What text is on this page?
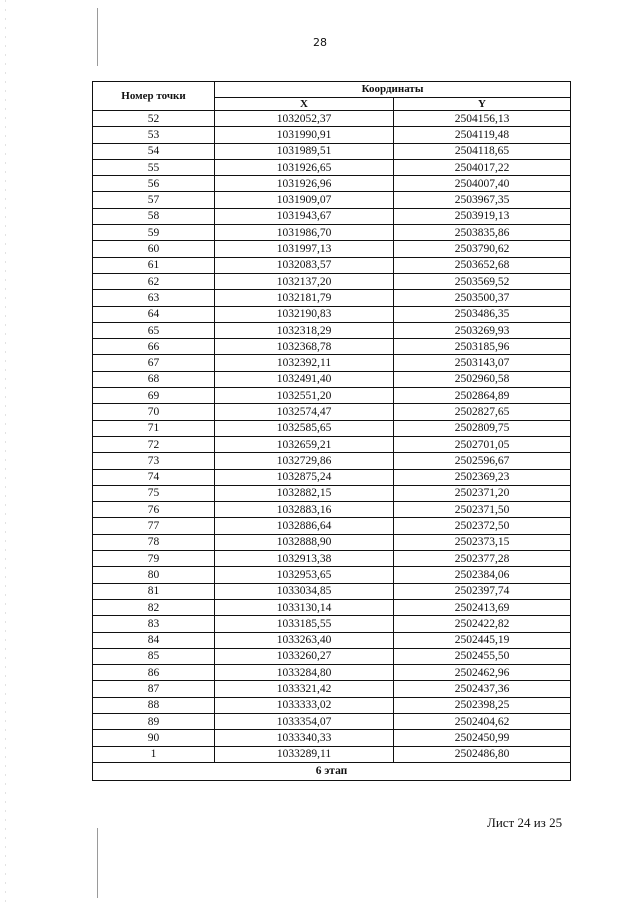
28
Номер точки	Координаты	
	X	Y
52	1032052,37	2504156,13
53	1031990,91	2504119,48
54	1031989,51	2504118,65
55	1031926,65	2504017,22
56	1031926,96	2504007,40
57	1031909,07	2503967,35
58	1031943,67	2503919,13
59	1031986,70	2503835,86
60	1031997,13	2503790,62
61	1032083,57	2503652,68
62	1032137,20	2503569,52
63	1032181,79	2503500,37
64	1032190,83	2503486,35
65	1032318,29	2503269,93
66	1032368,78	2503185,96
67	1032392,11	2503143,07
68	1032491,40	2502960,58
69	1032551,20	2502864,89
70	1032574,47	2502827,65
71	1032585,65	2502809,75
72	1032659,21	2502701,05
73	1032729,86	2502596,67
74	1032875,24	2502369,23
75	1032882,15	2502371,20
76	1032883,16	2502371,50
77	1032886,64	2502372,50
78	1032888,90	2502373,15
79	1032913,38	2502377,28
80	1032953,65	2502384,06
81	1033034,85	2502397,74
82	1033130,14	2502413,69
83	1033185,55	2502422,82
84	1033263,40	2502445,19
85	1033260,27	2502455,50
86	1033284,80	2502462,96
87	1033321,42	2502437,36
88	1033333,02	2502398,25
89	1033354,07	2502404,62
90	1033340,33	2502450,99
1	1033289,11	2502486,80
6 этап		
Лист 24 из 25
